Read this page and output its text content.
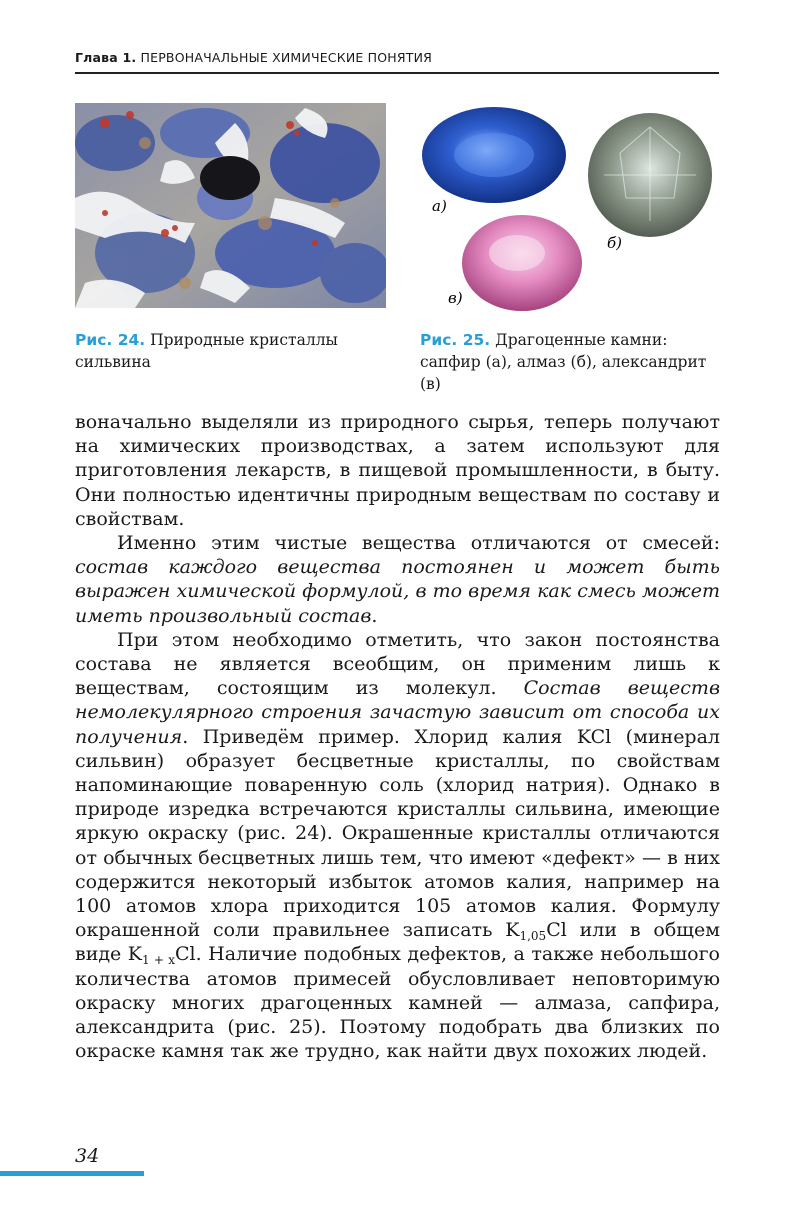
Глава 1. ПЕРВОНАЧАЛЬНЫЕ ХИМИЧЕСКИЕ ПОНЯТИЯ
а)
б)
в)
Рис. 24. Природные кристаллы сильвина
Рис. 25. Драгоценные камни: сапфир (а), алмаз (б), александрит (в)

воначально выделяли из природного сырья, теперь получают на химических производствах, а затем используют для приготовления лекарств, в пищевой промышленности, в быту. Они полностью идентичны природным веществам по составу и свойствам.

Именно этим чистые вещества отличаются от смесей: состав каждого вещества постоянен и может быть выражен химической формулой, в то время как смесь может иметь произвольный состав.

При этом необходимо отметить, что закон постоянства состава не является всеобщим, он применим лишь к веществам, состоящим из молекул. Состав веществ немолекулярного строения зачастую зависит от способа их получения. Приведём пример. Хлорид калия KCl (минерал сильвин) образует бесцветные кристаллы, по свойствам напоминающие поваренную соль (хлорид натрия). Однако в природе изредка встречаются кристаллы сильвина, имеющие яркую окраску (рис. 24). Окрашенные кристаллы отличаются от обычных бесцветных лишь тем, что имеют «дефект» — в них содержится некоторый избыток атомов калия, например на 100 атомов хлора приходится 105 атомов калия. Формулу окрашенной соли правильнее записать $K_{1,05}Cl$ или в общем виде $K_{1 + x}Cl$. Наличие подобных дефектов, а также небольшого количества атомов примесей обусловливает неповторимую окраску многих драгоценных камней — алмаза, сапфира, александрита (рис. 25). Поэтому подобрать два близких по окраске камня так же трудно, как найти двух похожих людей.

34
